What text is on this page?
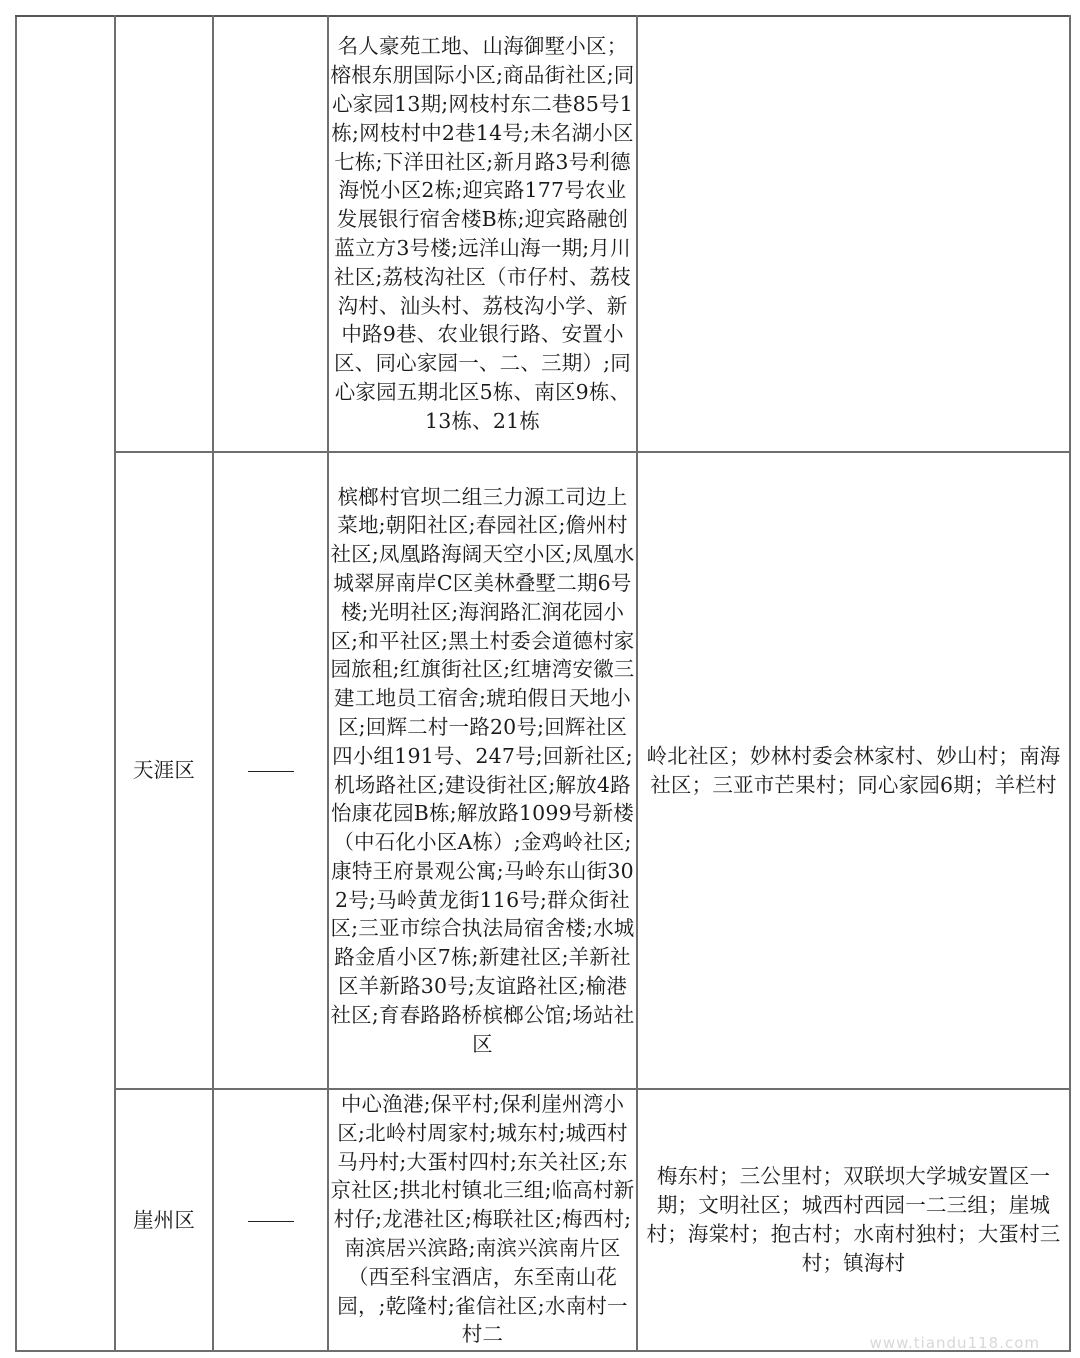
			名人豪苑工地、山海御墅小区；榕根东朋国际小区;商品街社区;同心家园13期;网枝村东二巷85号1栋;网枝村中2巷14号;未名湖小区七栋;下洋田社区;新月路3号利德海悦小区2栋;迎宾路177号农业发展银行宿舍楼B栋;迎宾路融创蓝立方3号楼;远洋山海一期;月川社区;荔枝沟社区（市仔村、荔枝沟村、汕头村、荔枝沟小学、新中路9巷、农业银行路、安置小区、同心家园一、二、三期）;同心家园五期北区5栋、南区9栋、13栋、21栋	
	天涯区		槟榔村官坝二组三力源工司边上菜地;朝阳社区;春园社区;儋州村社区;凤凰路海阔天空小区;凤凰水城翠屏南岸C区美林叠墅二期6号楼;光明社区;海润路汇润花园小区;和平社区;黑土村委会道德村家园旅租;红旗街社区;红塘湾安徽三建工地员工宿舍;琥珀假日天地小区;回辉二村一路20号;回辉社区四小组191号、247号;回新社区;机场路社区;建设街社区;解放4路怡康花园B栋;解放路1099号新楼（中石化小区A栋）;金鸡岭社区;康特王府景观公寓;马岭东山街302号;马岭黄龙街116号;群众街社区;三亚市综合执法局宿舍楼;水城路金盾小区7栋;新建社区;羊新社区羊新路30号;友谊路社区;榆港社区;育春路路桥槟榔公馆;场站社区	岭北社区；妙林村委会林家村、妙山村；南海社区；三亚市芒果村；同心家园6期；羊栏村
	崖州区		中心渔港;保平村;保利崖州湾小区;北岭村周家村;城东村;城西村马丹村;大蛋村四村;东关社区;东京社区;拱北村镇北三组;临高村新村仔;龙港社区;梅联社区;梅西村;南滨居兴滨路;南滨兴滨南片区（西至科宝酒店，东至南山花园，;乾隆村;雀信社区;水南村一村二	梅东村；三公里村；双联坝大学城安置区一期；文明社区；城西村西园一二三组；崖城村；海棠村；抱古村；水南村独村；大蛋村三村；镇海村
www.tiandu118.com
